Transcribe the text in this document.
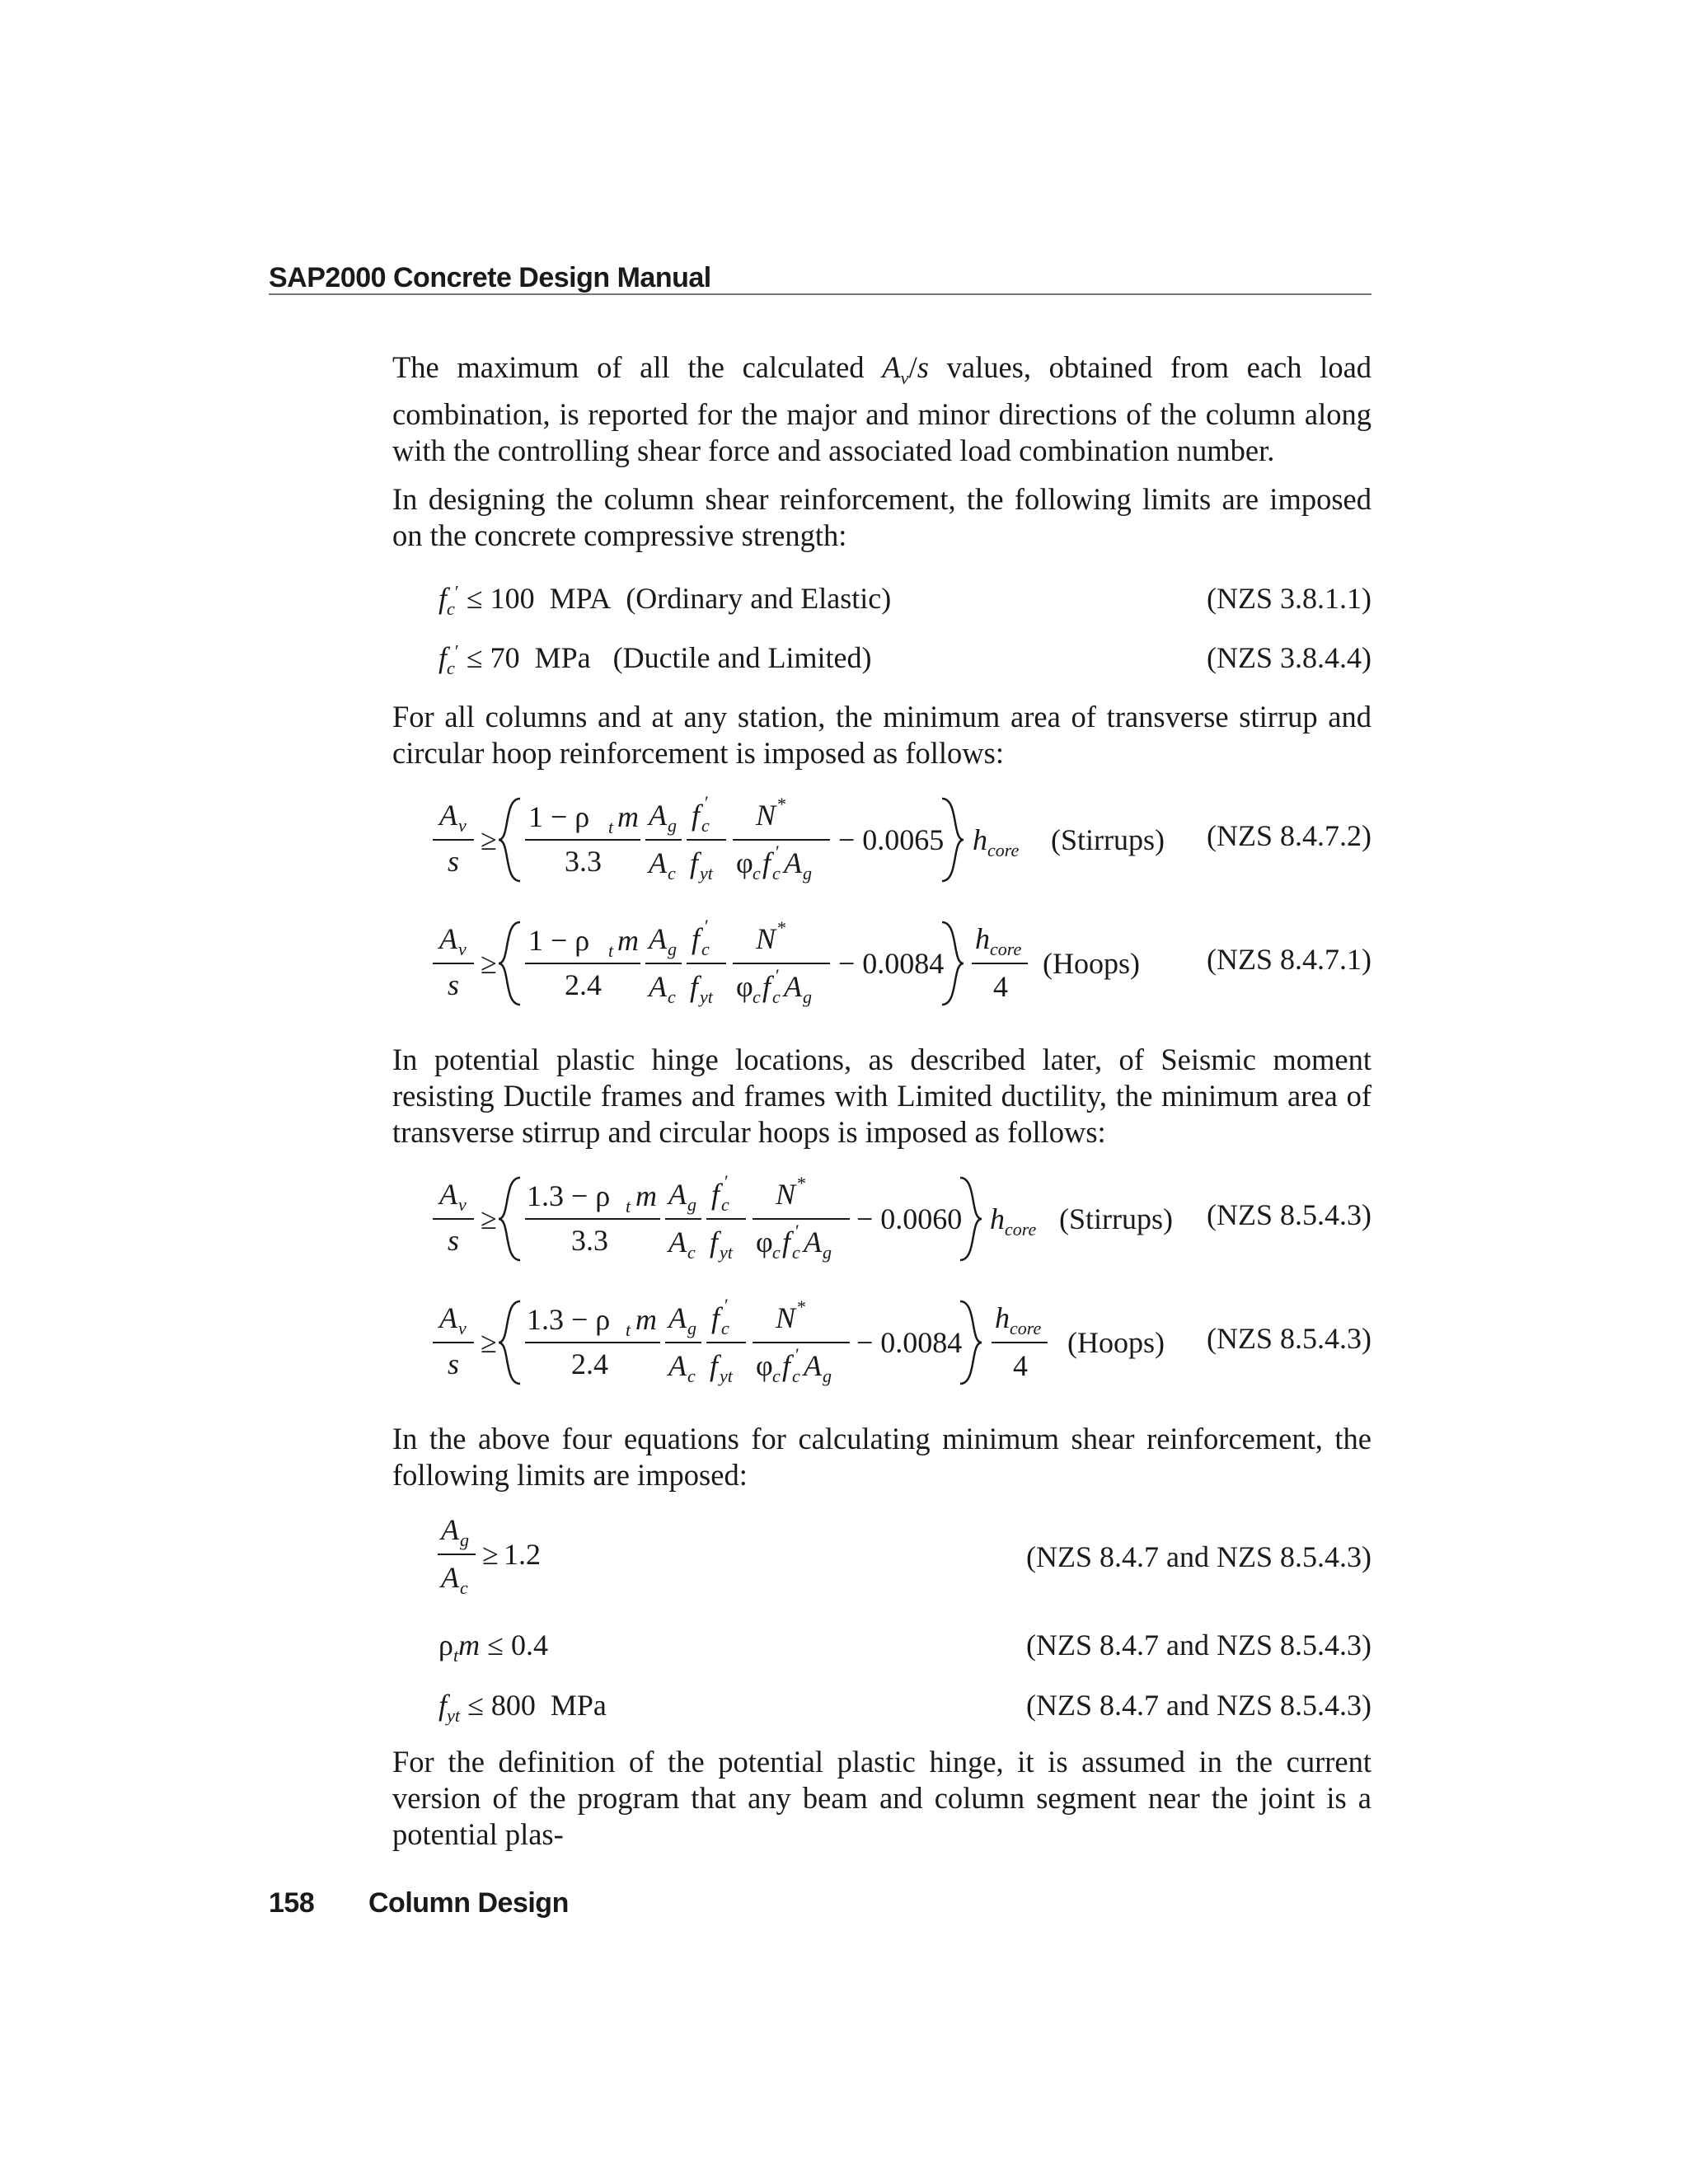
SAP2000 Concrete Design Manual

The maximum of all the calculated $A_v/s$ values, obtained from each load combination, is reported for the major and minor directions of the column along with the controlling shear force and associated load combination number.

In designing the column shear reinforcement, the following limits are imposed on the concrete compressive strength:

$f_c' \le 100$ MPA (Ordinary and Elastic)	(NZS 3.8.1.1)
$f_c' \le 70$ MPa (Ductile and Limited)	(NZS 3.8.4.4)

For all columns and at any station, the minimum area of transverse stirrup and circular hoop reinforcement is imposed as follows:

A v
s
≥
1 − ρ t m
3.3
A g
A c
f c
′
f yt
N *
φ c f c
′ A g
− 0.0065 h core (Stirrups) (NZS 8.4.7.2)
A v
s
≥
1 − ρ t m
2.4
A g
A c
f c
′
f yt
N *
φ c f c
′ A g
− 0.0084
h core
4
(Hoops) (NZS 8.4.7.1)

In potential plastic hinge locations, as described later, of Seismic moment resisting Ductile frames and frames with Limited ductility, the minimum area of transverse stirrup and circular hoops is imposed as follows:

A v
s
≥
1.3 − ρ t m
3.3
A g
A c
f c
′
f yt
N *
φ c f c
′ A g
− 0.0060 h core (Stirrups) (NZS 8.5.4.3)
A v
s
≥
1.3 − ρ t m
2.4
A g
A c
f c
′
f yt
N *
φ c f c
′ A g
− 0.0084
h core
4
(Hoops) (NZS 8.5.4.3)

In the above four equations for calculating minimum shear reinforcement, the following limits are imposed:

A g
A c
≥ 1.2	(NZS 8.4.7 and NZS 8.5.4.3)
$\rho_tm \le 0.4$	(NZS 8.4.7 and NZS 8.5.4.3)
$f_{yt} \le 800$ MPa	(NZS 8.4.7 and NZS 8.5.4.3)

For the definition of the potential plastic hinge, it is assumed in the current version of the program that any beam and column segment near the joint is a potential plas-

158 Column Design
